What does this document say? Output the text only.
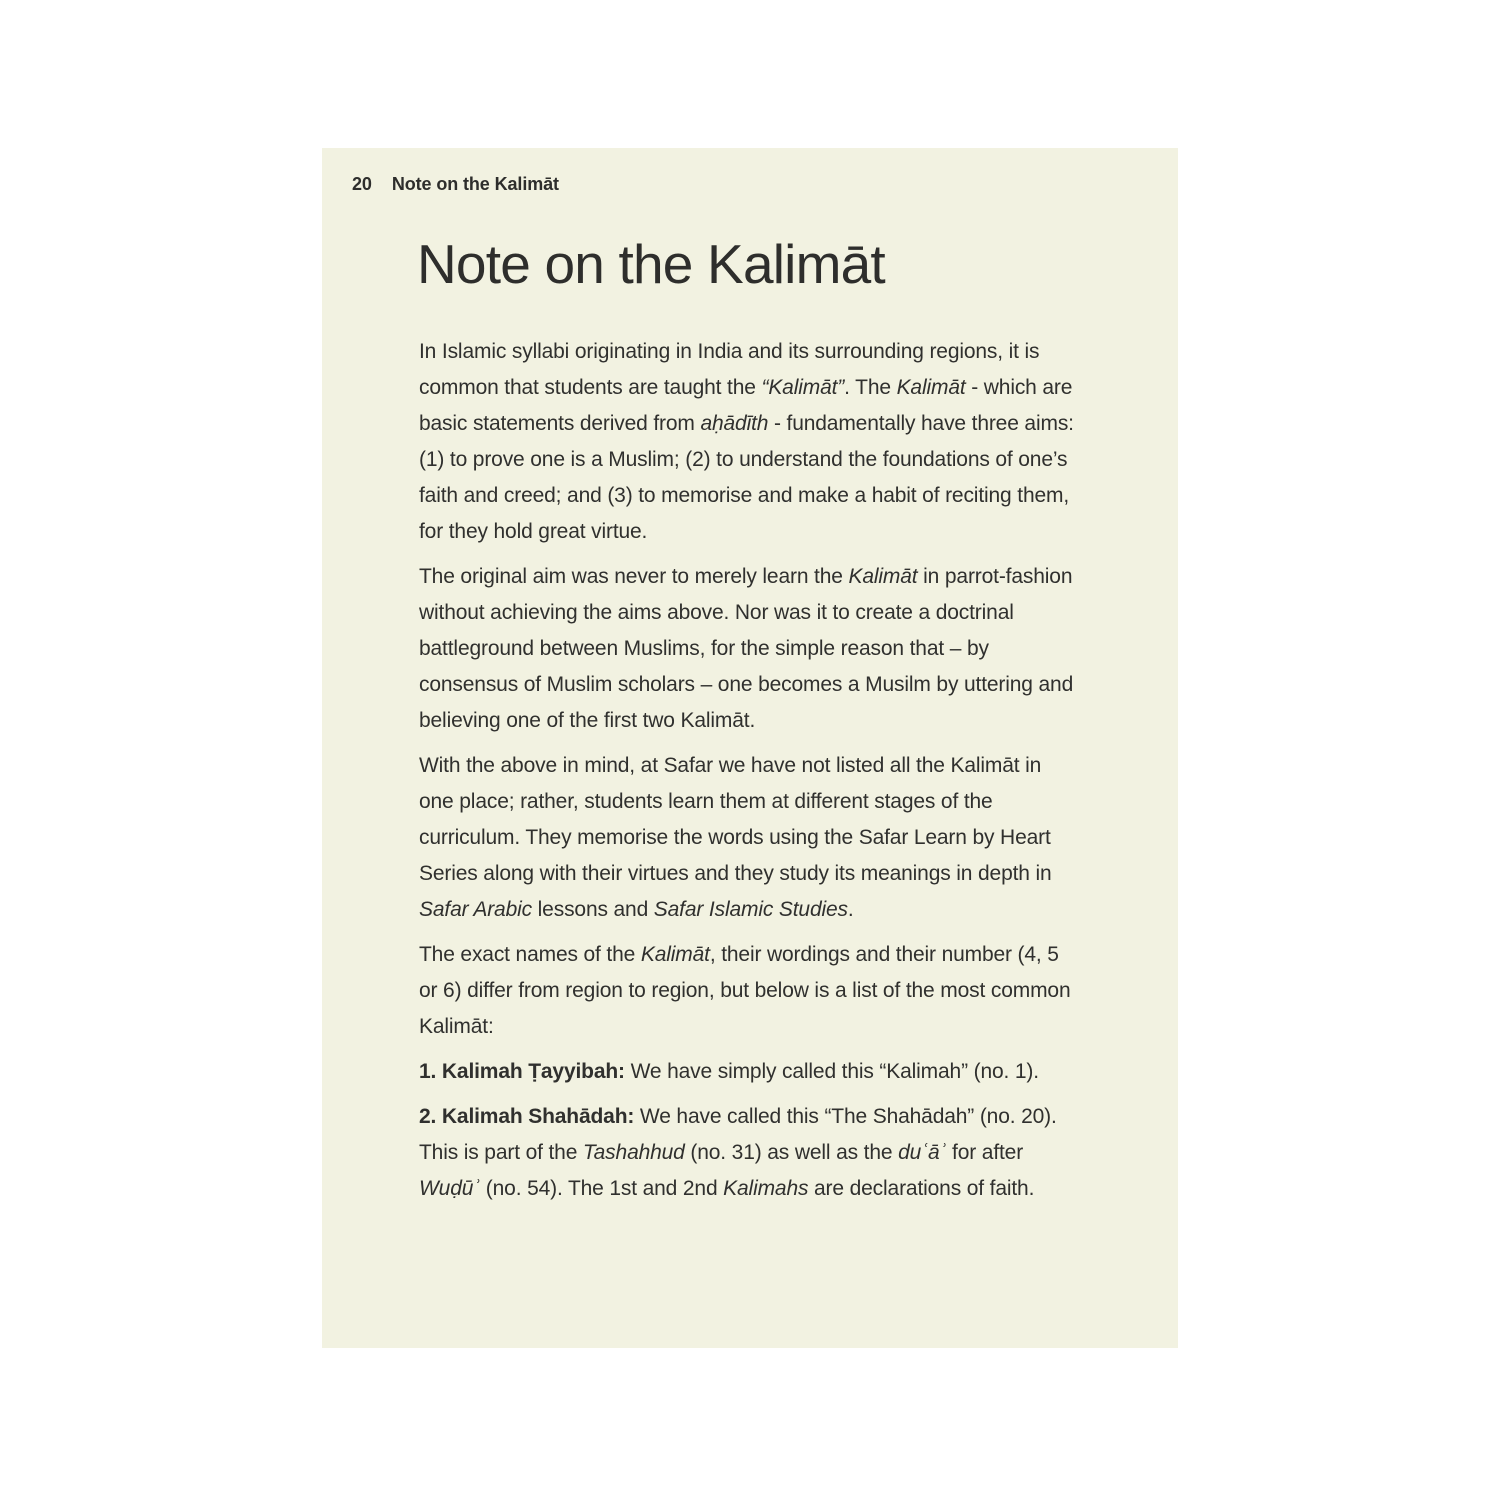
20 Note on the Kalimāt
Note on the Kalimāt

In Islamic syllabi originating in India and its surrounding regions, it is common that students are taught the “Kalimāt”. The Kalimāt - which are basic statements derived from aḥādīth - fundamentally have three aims: (1) to prove one is a Muslim; (2) to understand the foundations of one’s faith and creed; and (3) to memorise and make a habit of reciting them, for they hold great virtue.

The original aim was never to merely learn the Kalimāt in parrot-fashion without achieving the aims above. Nor was it to create a doctrinal battleground between Muslims, for the simple reason that – by consensus of Muslim scholars – one becomes a Musilm by uttering and believing one of the first two Kalimāt.

With the above in mind, at Safar we have not listed all the Kalimāt in one place; rather, students learn them at different stages of the curriculum. They memorise the words using the Safar Learn by Heart Series along with their virtues and they study its meanings in depth in Safar Arabic lessons and Safar Islamic Studies.

The exact names of the Kalimāt, their wordings and their number (4, 5 or 6) differ from region to region, but below is a list of the most common Kalimāt:

1. Kalimah Ṭayyibah: We have simply called this “Kalimah” (no. 1).

2. Kalimah Shahādah: We have called this “The Shahādah” (no. 20). This is part of the Tashahhud (no. 31) as well as the duʿāʾ for after Wuḍūʾ (no. 54). The 1st and 2nd Kalimahs are declarations of faith.
